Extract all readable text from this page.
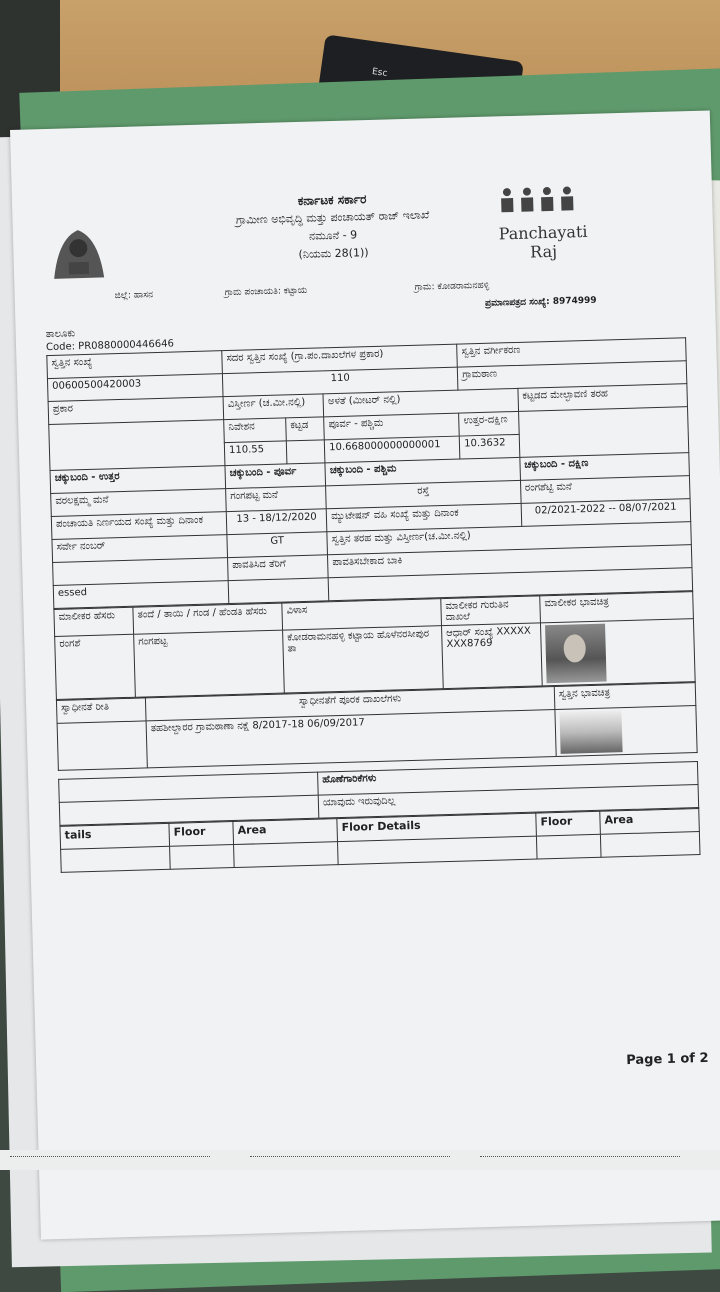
Esc
ಕರ್ನಾಟಕ ಸರ್ಕಾರ
ಗ್ರಾಮೀಣ ಅಭಿವೃದ್ಧಿ ಮತ್ತು ಪಂಚಾಯತ್ ರಾಜ್ ಇಲಾಖೆ
ನಮೂನೆ - 9
(ನಿಯಮ 28(1))
Panchayati Raj
ಜಿಲ್ಲೆ: ಹಾಸನ	ಗ್ರಾಮ ಪಂಚಾಯತಿ: ಕಟ್ಟಾಯ	ಗ್ರಾಮ: ಕೋಡರಾಮನಹಳ್ಳಿ
ಪ್ರಮಾಣಪತ್ರದ ಸಂಖ್ಯೆ: 8974999
ತಾಲೂಕು
Code: PR0880000446646
ಸ್ವತ್ತಿನ ಸಂಖ್ಯೆ	ಸದರ ಸ್ವತ್ತಿನ ಸಂಖ್ಯೆ (ಗ್ರಾ.ಪಂ.ದಾಖಲೆಗಳ ಪ್ರಕಾರ)			ಸ್ವತ್ತಿನ ವರ್ಗೀಕರಣ	
00600500420003	110			ಗ್ರಾಮಠಾಣ	
ಪ್ರಕಾರ	ವಿಸ್ತೀರ್ಣ (ಚ.ಮೀ.ನಲ್ಲಿ)		ಅಳತೆ (ಮೀಟರ್ ನಲ್ಲಿ)		ಕಟ್ಟಡದ ಮೇಲ್ಛಾವಣಿ ತರಹ
	ನಿವೇಶನ	ಕಟ್ಟಡ	ಪೂರ್ವ - ಪಶ್ಚಿಮ	ಉತ್ತರ-ದಕ್ಷಿಣ	
	110.55		10.668000000000001	10.3632	
ಚಕ್ಕುಬಂದಿ - ಉತ್ತರ	ಚಕ್ಕುಬಂದಿ - ಪೂರ್ವ		ಚಕ್ಕುಬಂದಿ - ಪಶ್ಚಿಮ		ಚಕ್ಕುಬಂದಿ - ದಕ್ಷಿಣ
ವರಲಕ್ಷಮ್ಮ ಮನೆ	ಗಂಗಪಟ್ಟ ಮನೆ		ರಸ್ತೆ		ರಂಗಶೆಟ್ಟಿ ಮನೆ
ಪಂಚಾಯತಿ ನಿರ್ಣಯದ ಸಂಖ್ಯೆ ಮತ್ತು ದಿನಾಂಕ	13 - 18/12/2020		ಮ್ಯುಟೇಷನ್ ವಹಿ ಸಂಖ್ಯೆ ಮತ್ತು ದಿನಾಂಕ		02/2021-2022 -- 08/07/2021
ಸರ್ವೇ ನಂಬರ್	GT		ಸ್ವತ್ತಿನ ತರಹ ಮತ್ತು ವಿಸ್ತೀರ್ಣ(ಚ.ಮೀ.ನಲ್ಲಿ)		
	ಪಾವತಿಸಿದ ತೆರಿಗೆ		ಪಾವತಿಸಬೇಕಾದ ಬಾಕಿ		
essed					
ಮಾಲೀಕರ ಹೆಸರು	ತಂದೆ / ತಾಯಿ / ಗಂಡ / ಹೆಂಡತಿ ಹೆಸರು	ವಿಳಾಸ	ಮಾಲೀಕರ ಗುರುತಿನ ದಾಖಲೆ	ಮಾಲೀಕರ ಭಾವಚಿತ್ರ
ರಂಗಶೆ	ಗಂಗಪಟ್ಟ	ಕೋಡರಾಮನಹಳ್ಳಿ ಕಟ್ಟಾಯ ಹೊಳೆನರಸೀಪುರ ತಾ	ಆಧಾರ್ ಸಂಖ್ಯೆ XXXXXXXX8769	
ಸ್ವಾಧೀನತೆ ರೀತಿ	ಸ್ವಾಧೀನತೆಗೆ ಪೂರಕ ದಾಖಲೆಗಳು	ಸ್ವತ್ತಿನ ಭಾವಚಿತ್ರ
	ತಹಶೀಲ್ದಾರರ ಗ್ರಾಮಠಾಣಾ ನಕ್ಷೆ 8/2017-18 06/09/2017	
	ಹೊಣೆಗಾರಿಕೆಗಳು
	ಯಾವುದು ಇರುವುದಿಲ್ಲ
tails	Floor	Area	Floor Details	Floor	Area

Page 1 of 2
